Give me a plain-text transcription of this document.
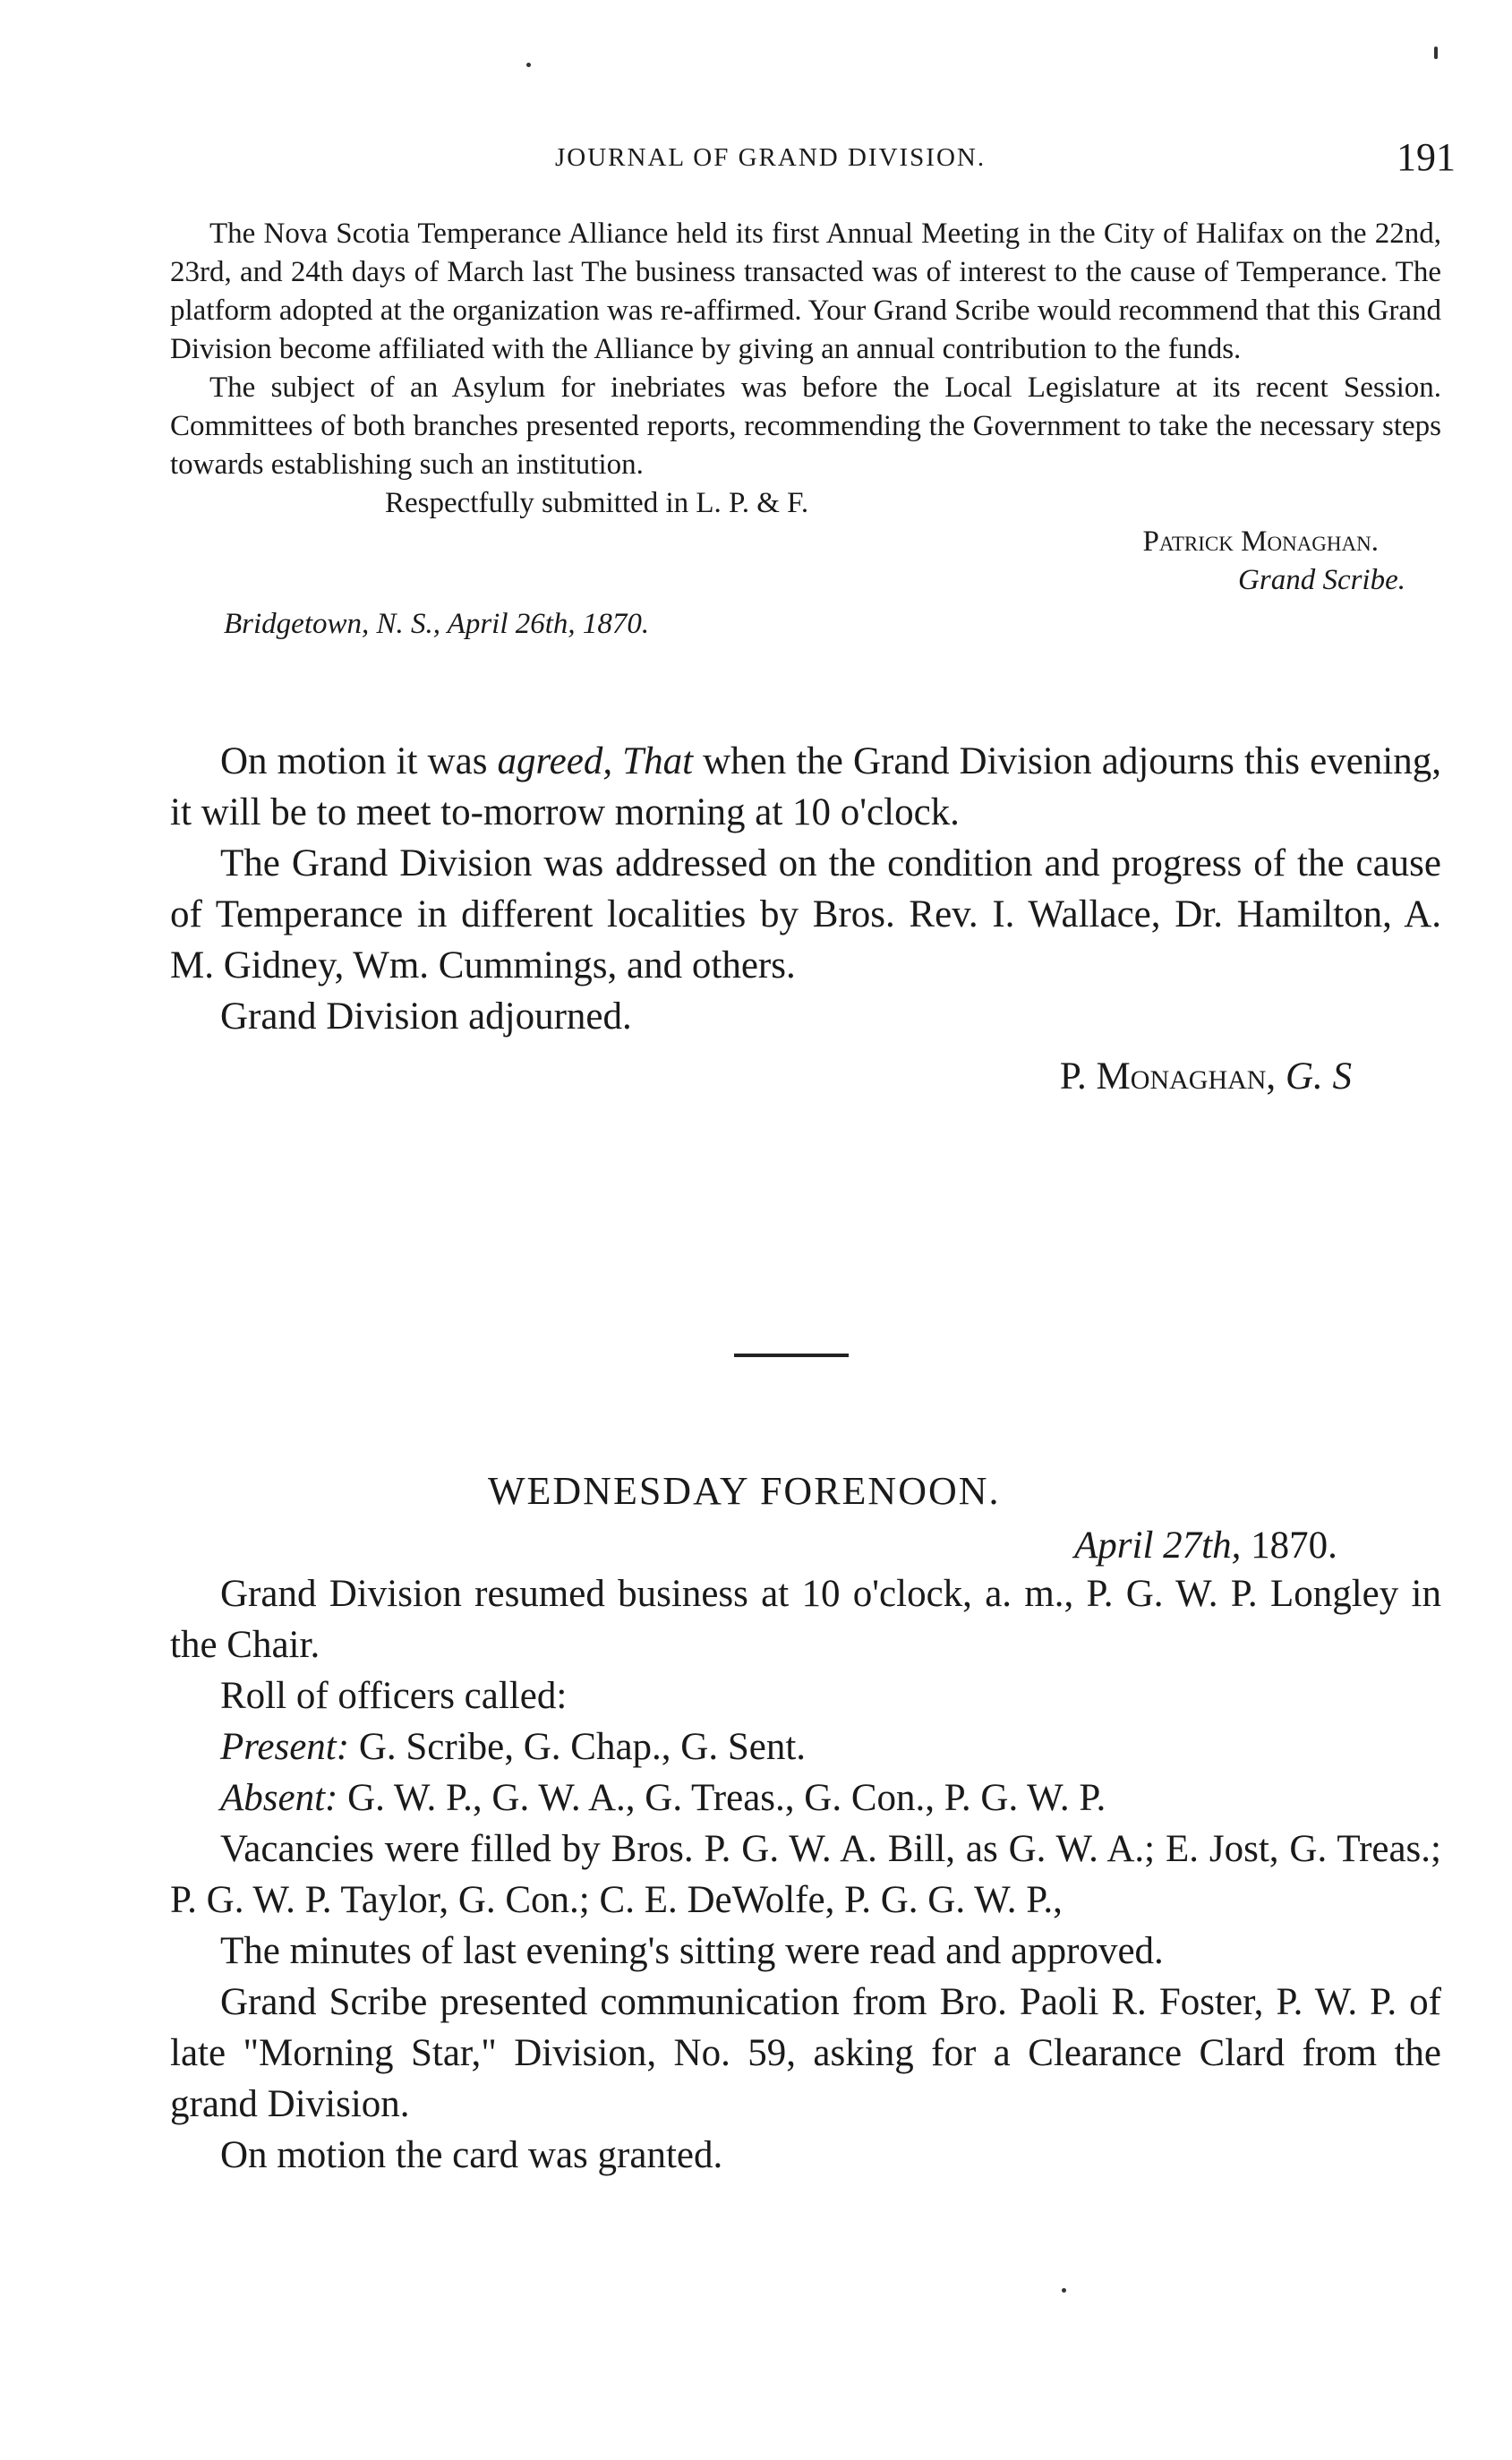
JOURNAL OF GRAND DIVISION.	191

The Nova Scotia Temperance Alliance held its first Annual Meeting in the City of Halifax on the 22nd, 23rd, and 24th days of March last The business transacted was of interest to the cause of Temperance. The platform adopted at the organization was re-affirmed. Your Grand Scribe would recommend that this Grand Division become affiliated with the Alliance by giving an annual contribution to the funds.

The subject of an Asylum for inebriates was before the Local Legislature at its recent Session. Committees of both branches presented reports, recommending the Government to take the necessary steps towards establishing such an institution.

Respectfully submitted in L. P. & F.

Patrick Monaghan.
Grand Scribe.
Bridgetown, N. S., April 26th, 1870.

On motion it was agreed, That when the Grand Division adjourns this evening, it will be to meet to-morrow morning at 10 o'clock.

The Grand Division was addressed on the condition and progress of the cause of Temperance in different localities by Bros. Rev. I. Wallace, Dr. Hamilton, A. M. Gidney, Wm. Cummings, and others.

Grand Division adjourned.

P. Monaghan, G. S
WEDNESDAY FORENOON.
April 27th, 1870.

Grand Division resumed business at 10 o'clock, a. m., P. G. W. P. Longley in the Chair.

Roll of officers called:

Present: G. Scribe, G. Chap., G. Sent.

Absent: G. W. P., G. W. A., G. Treas., G. Con., P. G. W. P.

Vacancies were filled by Bros. P. G. W. A. Bill, as G. W. A.; E. Jost, G. Treas.; P. G. W. P. Taylor, G. Con.; C. E. DeWolfe, P. G. G. W. P.,

The minutes of last evening's sitting were read and approved.

Grand Scribe presented communication from Bro. Paoli R. Foster, P. W. P. of late "Morning Star," Division, No. 59, asking for a Clearance Clard from the grand Division.

On motion the card was granted.
